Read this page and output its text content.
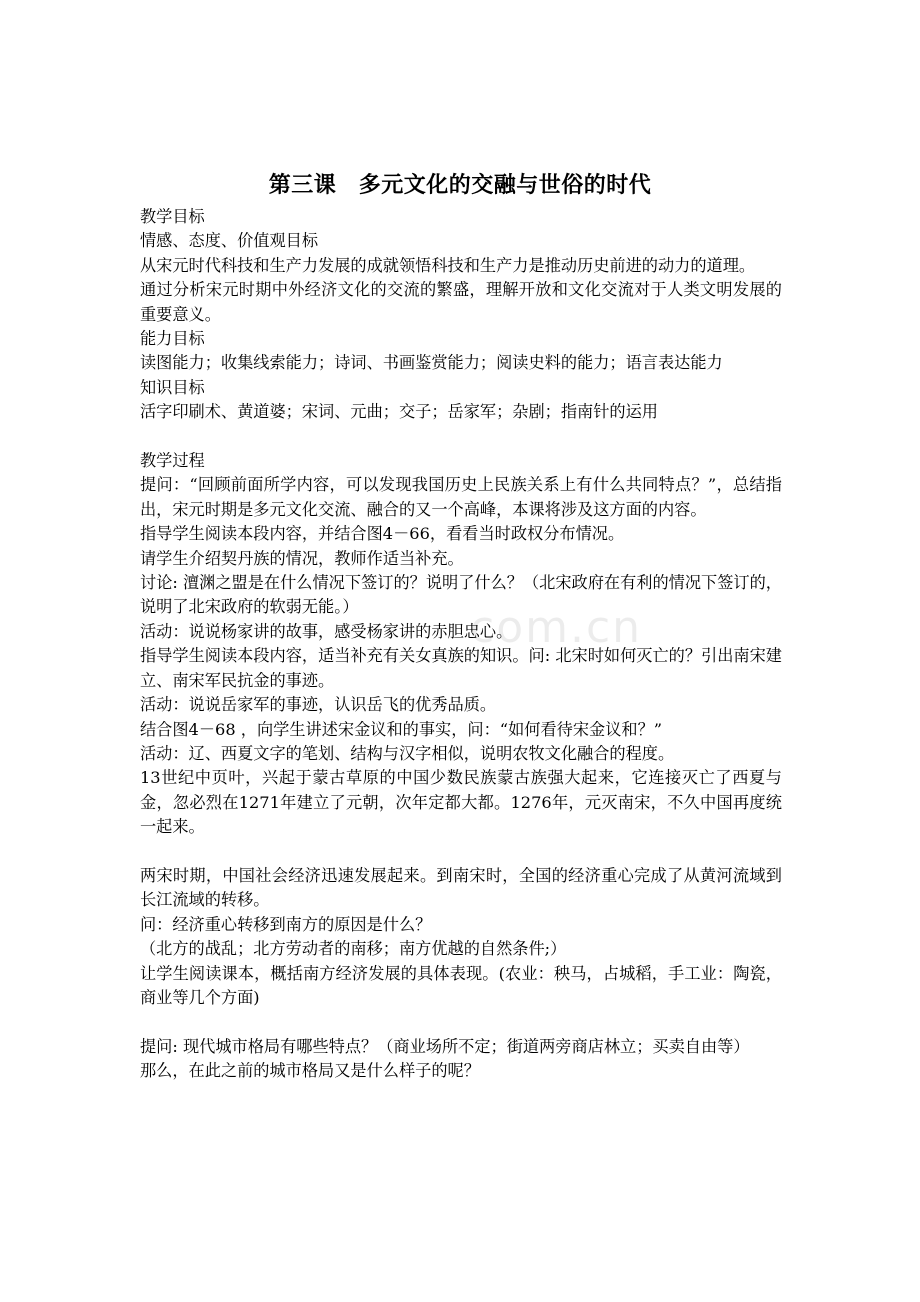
第三课　多元文化的交融与世俗的时代
com.cn

教学目标

情感、态度、价值观目标

从宋元时代科技和生产力发展的成就领悟科技和生产力是推动历史前进的动力的道理。

通过分析宋元时期中外经济文化的交流的繁盛，理解开放和文化交流对于人类文明发展的重要意义。

能力目标

读图能力；收集线索能力；诗词、书画鉴赏能力；阅读史料的能力；语言表达能力

知识目标

活字印刷术、黄道婆；宋词、元曲；交子；岳家军；杂剧；指南针的运用

教学过程

提问：“回顾前面所学内容，可以发现我国历史上民族关系上有什么共同特点？”，总结指出，宋元时期是多元文化交流、融合的又一个高峰，本课将涉及这方面的内容。

指导学生阅读本段内容，并结合图4－66，看看当时政权分布情况。

请学生介绍契丹族的情况，教师作适当补充。

讨论: 澶渊之盟是在什么情况下签订的？说明了什么？（北宋政府在有利的情况下签订的，说明了北宋政府的软弱无能。）

活动：说说杨家讲的故事，感受杨家讲的赤胆忠心。

指导学生阅读本段内容，适当补充有关女真族的知识。问: 北宋时如何灭亡的？引出南宋建立、南宋军民抗金的事迹。

活动：说说岳家军的事迹，认识岳飞的优秀品质。

结合图4－68 ，向学生讲述宋金议和的事实，问：“如何看待宋金议和？”

活动：辽、西夏文字的笔划、结构与汉字相似，说明农牧文化融合的程度。

13世纪中页叶，兴起于蒙古草原的中国少数民族蒙古族强大起来，它连接灭亡了西夏与金，忽必烈在1271年建立了元朝，次年定都大都。1276年，元灭南宋，不久中国再度统一起来。

两宋时期，中国社会经济迅速发展起来。到南宋时，全国的经济重心完成了从黄河流域到长江流域的转移。

问：经济重心转移到南方的原因是什么？

（北方的战乱；北方劳动者的南移；南方优越的自然条件;）

让学生阅读课本，概括南方经济发展的具体表现。(农业：秧马，占城稻，手工业：陶瓷，商业等几个方面)

提问: 现代城市格局有哪些特点？（商业场所不定；街道两旁商店林立；买卖自由等）

那么，在此之前的城市格局又是什么样子的呢？
